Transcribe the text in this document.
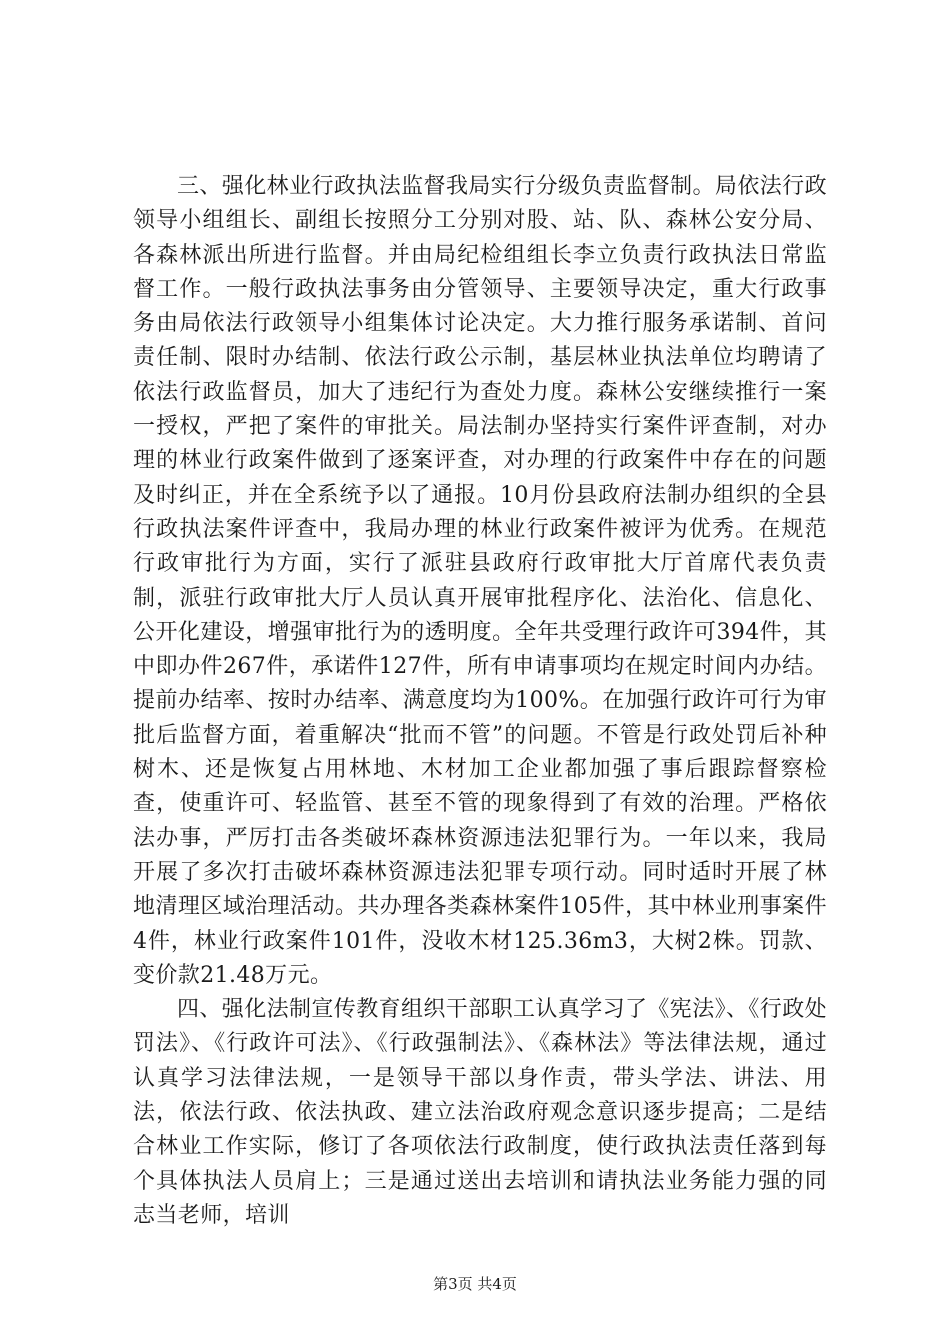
三、强化林业行政执法监督我局实行分级负责监督制。局依法行政领导小组组长、副组长按照分工分别对股、站、队、森林公安分局、各森林派出所进行监督。并由局纪检组组长李立负责行政执法日常监督工作。一般行政执法事务由分管领导、主要领导决定，重大行政事务由局依法行政领导小组集体讨论决定。大力推行服务承诺制、首问责任制、限时办结制、依法行政公示制，基层林业执法单位均聘请了依法行政监督员，加大了违纪行为查处力度。森林公安继续推行一案一授权，严把了案件的审批关。局法制办坚持实行案件评查制，对办理的林业行政案件做到了逐案评查，对办理的行政案件中存在的问题及时纠正，并在全系统予以了通报。10月份县政府法制办组织的全县行政执法案件评查中，我局办理的林业行政案件被评为优秀。在规范行政审批行为方面，实行了派驻县政府行政审批大厅首席代表负责制，派驻行政审批大厅人员认真开展审批程序化、法治化、信息化、公开化建设，增强审批行为的透明度。全年共受理行政许可394件，其中即办件267件，承诺件127件，所有申请事项均在规定时间内办结。提前办结率、按时办结率、满意度均为100%。在加强行政许可行为审批后监督方面，着重解决“批而不管”的问题。不管是行政处罚后补种树木、还是恢复占用林地、木材加工企业都加强了事后跟踪督察检查，使重许可、轻监管、甚至不管的现象得到了有效的治理。严格依法办事，严厉打击各类破坏森林资源违法犯罪行为。一年以来，我局开展了多次打击破坏森林资源违法犯罪专项行动。同时适时开展了林地清理区域治理活动。共办理各类森林案件105件，其中林业刑事案件4件，林业行政案件101件，没收木材125.36m3，大树2株。罚款、变价款21.48万元。

四、强化法制宣传教育组织干部职工认真学习了《宪法》、《行政处罚法》、《行政许可法》、《行政强制法》、《森林法》等法律法规，通过认真学习法律法规，一是领导干部以身作责，带头学法、讲法、用法，依法行政、依法执政、建立法治政府观念意识逐步提高；二是结合林业工作实际，修订了各项依法行政制度，使行政执法责任落到每个具体执法人员肩上；三是通过送出去培训和请执法业务能力强的同志当老师，培训

第3页 共4页
